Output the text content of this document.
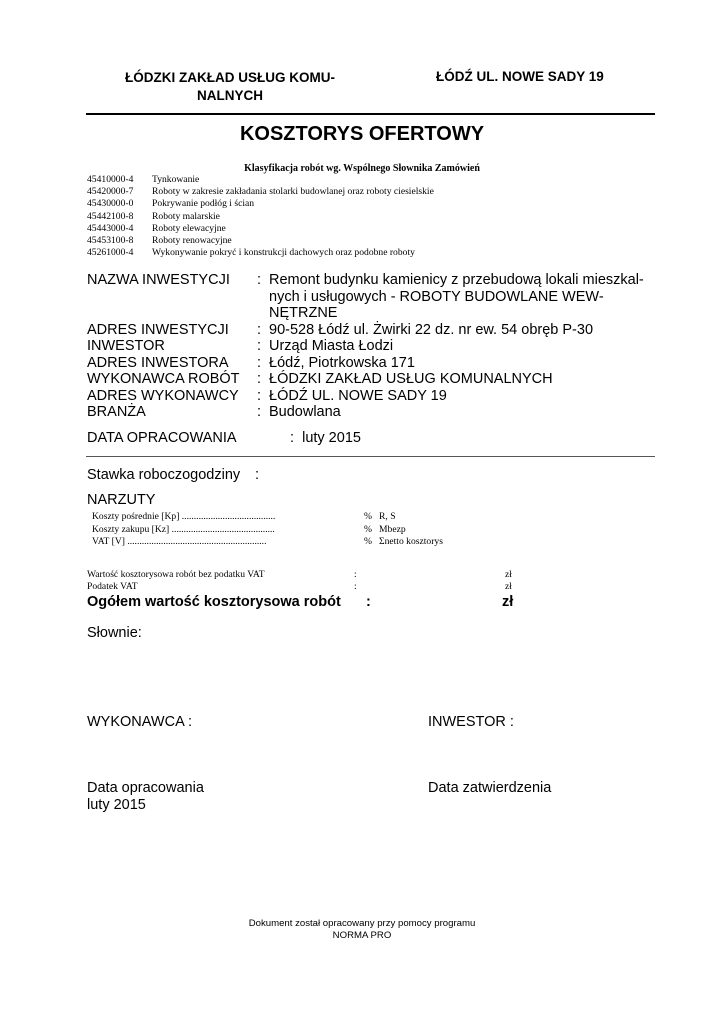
ŁÓDZKI ZAKŁAD USŁUG KOMU-
NALNYCH
ŁÓDŹ UL. NOWE SADY 19
KOSZTORYS OFERTOWY
Klasyfikacja robót wg. Wspólnego Słownika Zamówień
45410000-4	Tynkowanie
45420000-7	Roboty w zakresie zakładania stolarki budowlanej oraz roboty ciesielskie
45430000-0	Pokrywanie podłóg i ścian
45442100-8	Roboty malarskie
45443000-4	Roboty elewacyjne
45453100-8	Roboty renowacyjne
45261000-4	Wykonywanie pokryć i konstrukcji dachowych oraz podobne roboty
NAZWA INWESTYCJI	: Remont budynku kamienicy z przebudową lokali mieszkal-
nych i usługowych - ROBOTY BUDOWLANE WEW-
NĘTRZNE
ADRES INWESTYCJI	: 90-528 Łódź ul. Żwirki 22 dz. nr ew. 54 obręb P-30
INWESTOR	: Urząd Miasta Łodzi
ADRES INWESTORA	: Łódź, Piotrkowska 171
WYKONAWCA ROBÓT	: ŁÓDZKI ZAKŁAD USŁUG KOMUNALNYCH
ADRES WYKONAWCY	: ŁÓDŹ UL. NOWE SADY 19
BRANŻA	: Budowlana
DATA OPRACOWANIA	: luty 2015
Stawka roboczogodziny :
NARZUTY
Koszty pośrednie [Kp] .......................................	% R, S
Koszty zakupu [Kz] ...........................................	% Mbezp
VAT [V] ..........................................................	% Σnetto kosztorys
Wartość kosztorysowa robót bez podatku VAT	:	zł
Podatek VAT	:	zł
Ogółem wartość kosztorysowa robót :	zł
Słownie:
WYKONAWCA :	INWESTOR :
Data opracowania
luty 2015
Data zatwierdzenia
Dokument został opracowany przy pomocy programu
NORMA PRO
